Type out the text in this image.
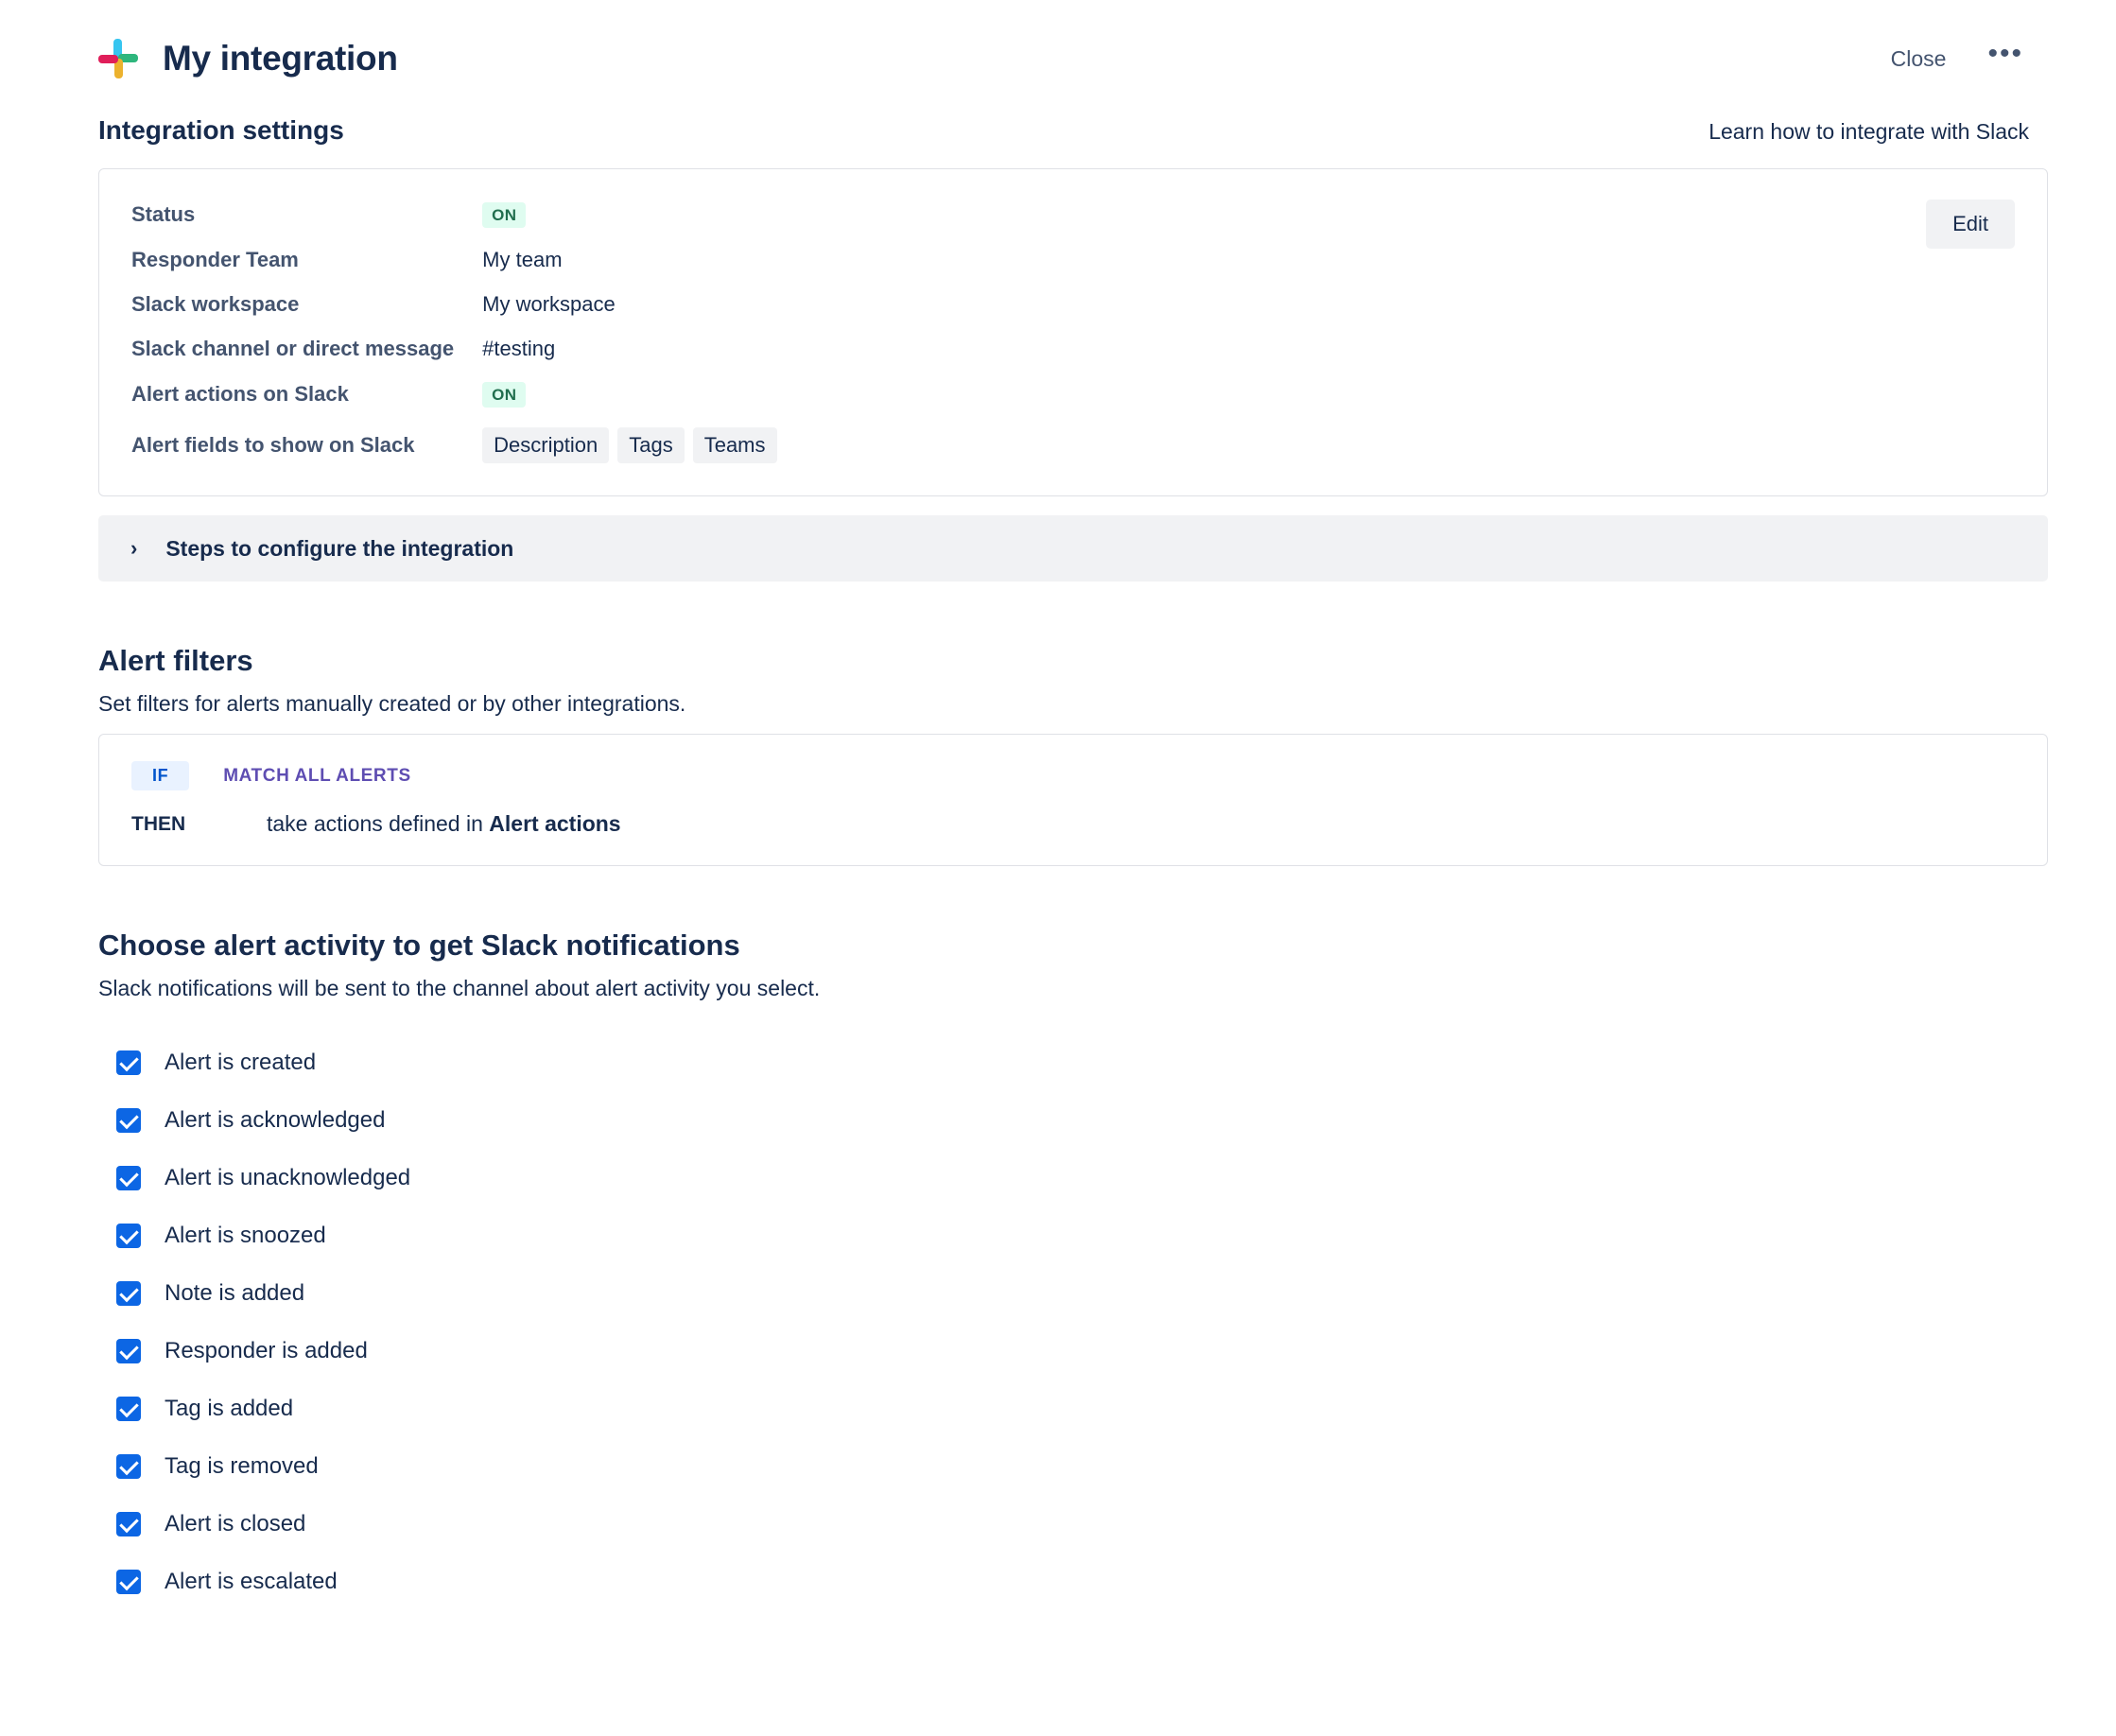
My integration	Close •••
Integration settings	Learn how to integrate with Slack
Edit
Status	ON
Responder Team	My team
Slack workspace	My workspace
Slack channel or direct message	#testing
Alert actions on Slack	ON
Alert fields to show on Slack	Description Tags Teams
› Steps to configure the integration
Alert filters
Set filters for alerts manually created or by other integrations.
IF	MATCH ALL ALERTS
THEN	take actions defined in Alert actions
Choose alert activity to get Slack notifications
Slack notifications will be sent to the channel about alert activity you select.
Alert is created
Alert is acknowledged
Alert is unacknowledged
Alert is snoozed
Note is added
Responder is added
Tag is added
Tag is removed
Alert is closed
Alert is escalated
